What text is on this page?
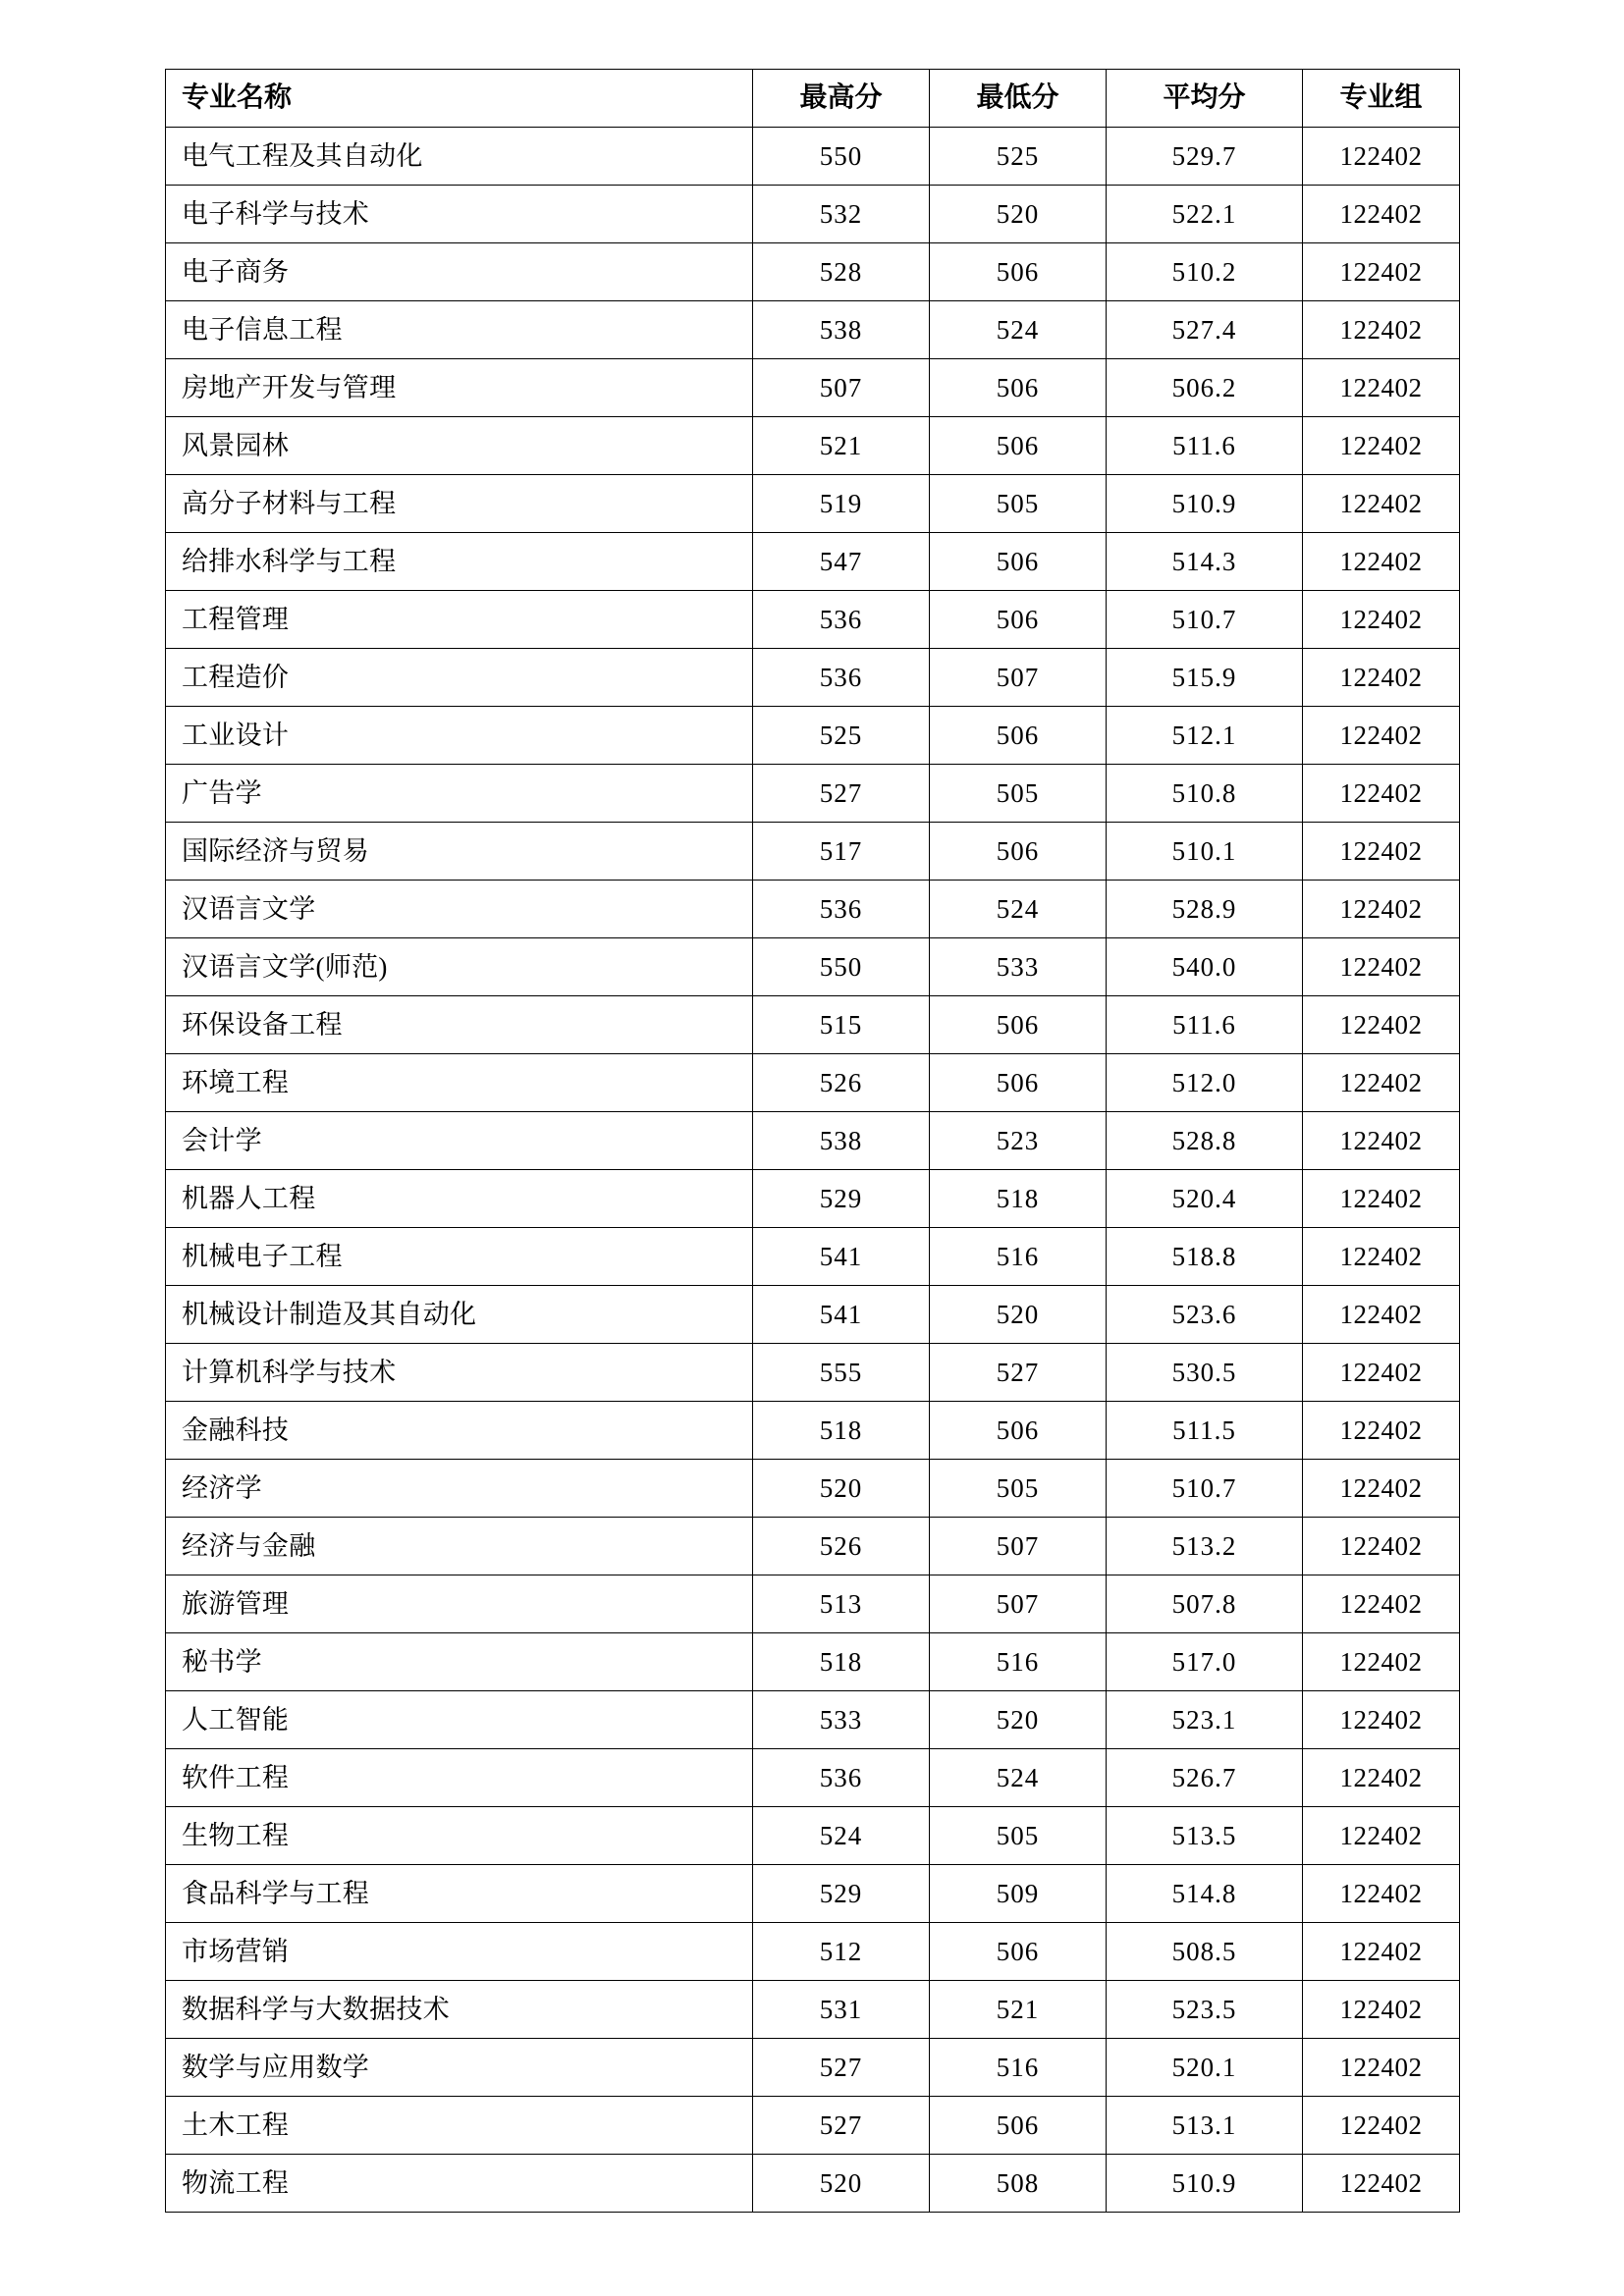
专业名称	最高分	最低分	平均分	专业组
电气工程及其自动化	550	525	529.7	122402
电子科学与技术	532	520	522.1	122402
电子商务	528	506	510.2	122402
电子信息工程	538	524	527.4	122402
房地产开发与管理	507	506	506.2	122402
风景园林	521	506	511.6	122402
高分子材料与工程	519	505	510.9	122402
给排水科学与工程	547	506	514.3	122402
工程管理	536	506	510.7	122402
工程造价	536	507	515.9	122402
工业设计	525	506	512.1	122402
广告学	527	505	510.8	122402
国际经济与贸易	517	506	510.1	122402
汉语言文学	536	524	528.9	122402
汉语言文学(师范)	550	533	540.0	122402
环保设备工程	515	506	511.6	122402
环境工程	526	506	512.0	122402
会计学	538	523	528.8	122402
机器人工程	529	518	520.4	122402
机械电子工程	541	516	518.8	122402
机械设计制造及其自动化	541	520	523.6	122402
计算机科学与技术	555	527	530.5	122402
金融科技	518	506	511.5	122402
经济学	520	505	510.7	122402
经济与金融	526	507	513.2	122402
旅游管理	513	507	507.8	122402
秘书学	518	516	517.0	122402
人工智能	533	520	523.1	122402
软件工程	536	524	526.7	122402
生物工程	524	505	513.5	122402
食品科学与工程	529	509	514.8	122402
市场营销	512	506	508.5	122402
数据科学与大数据技术	531	521	523.5	122402
数学与应用数学	527	516	520.1	122402
土木工程	527	506	513.1	122402
物流工程	520	508	510.9	122402
